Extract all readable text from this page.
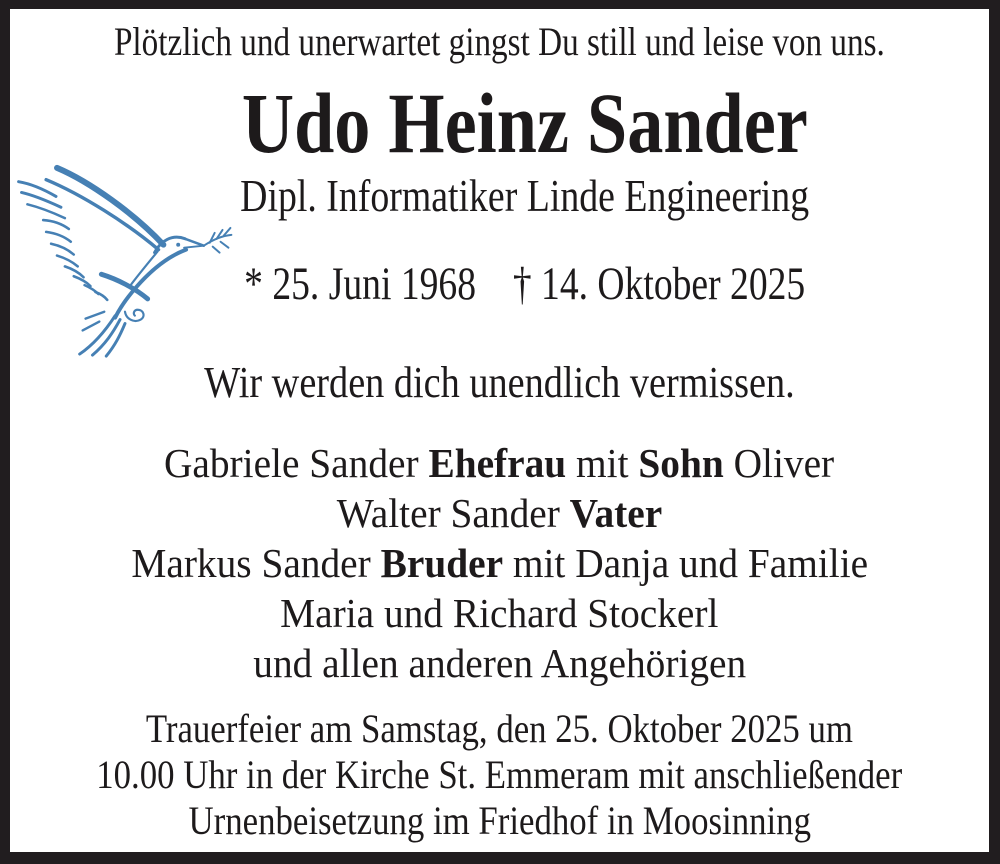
Plötzlich und unerwartet gingst Du still und leise von uns.
Udo Heinz Sander
Dipl. Informatiker Linde Engineering
* 25. Juni 1968 † 14. Oktober 2025
Wir werden dich unendlich vermissen.
Gabriele Sander Ehefrau mit Sohn Oliver
Walter Sander Vater
Markus Sander Bruder mit Danja und Familie
Maria und Richard Stockerl
und allen anderen Angehörigen
Trauerfeier am Samstag, den 25. Oktober 2025 um
10.00 Uhr in der Kirche St. Emmeram mit anschließender
Urnenbeisetzung im Friedhof in Moosinning
